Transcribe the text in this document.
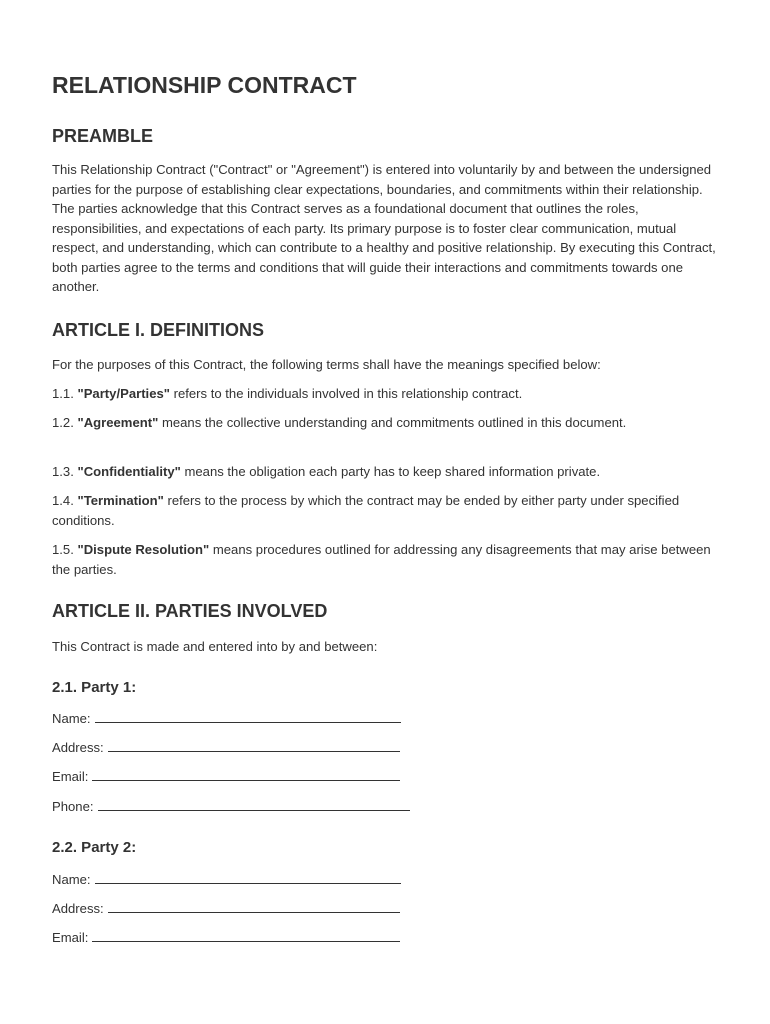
RELATIONSHIP CONTRACT
PREAMBLE

This Relationship Contract ("Contract" or "Agreement") is entered into voluntarily by and between the undersigned parties for the purpose of establishing clear expectations, boundaries, and commitments within their relationship. The parties acknowledge that this Contract serves as a foundational document that outlines the roles, responsibilities, and expectations of each party. Its primary purpose is to foster clear communication, mutual respect, and understanding, which can contribute to a healthy and positive relationship. By executing this Contract, both parties agree to the terms and conditions that will guide their interactions and commitments towards one another.

ARTICLE I. DEFINITIONS

For the purposes of this Contract, the following terms shall have the meanings specified below:

1.1. "Party/Parties" refers to the individuals involved in this relationship contract.

1.2. "Agreement" means the collective understanding and commitments outlined in this document.

1.3. "Confidentiality" means the obligation each party has to keep shared information private.

1.4. "Termination" refers to the process by which the contract may be ended by either party under specified conditions.

1.5. "Dispute Resolution" means procedures outlined for addressing any disagreements that may arise between the parties.

ARTICLE II. PARTIES INVOLVED

This Contract is made and entered into by and between:

2.1. Party 1:

Name:

Address:

Email:

Phone:

2.2. Party 2:

Name:

Address:

Email:
